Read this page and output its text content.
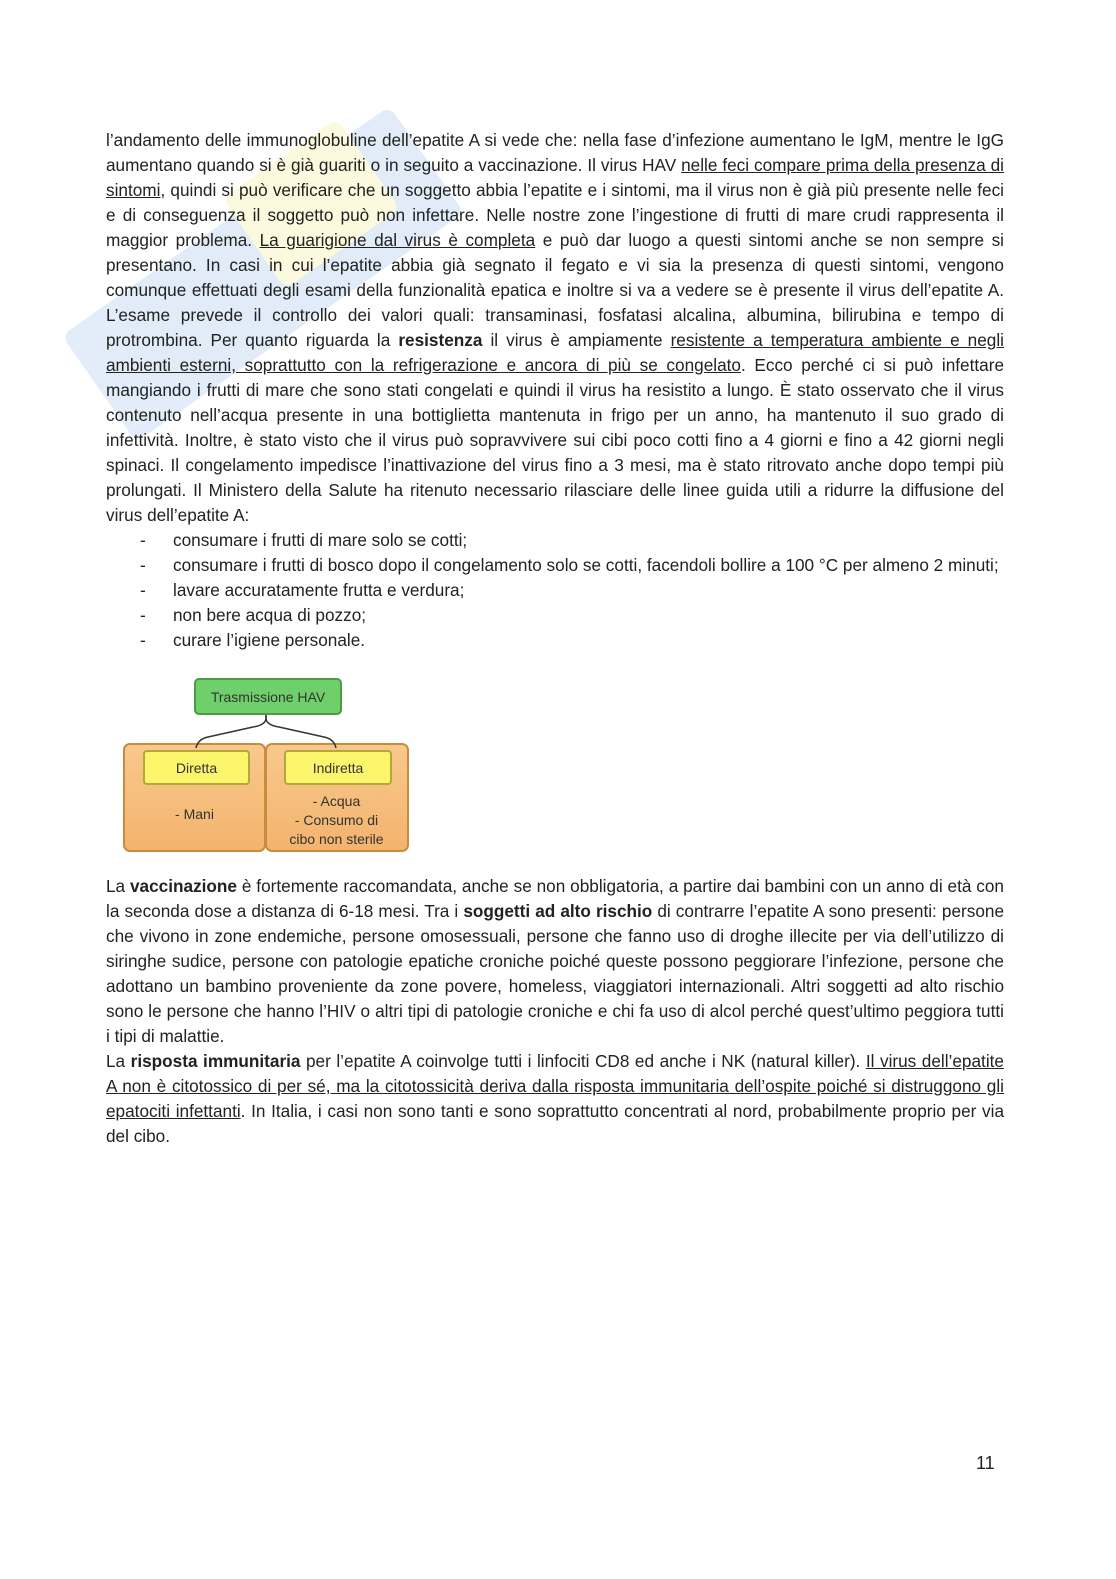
l’andamento delle immunoglobuline dell’epatite A si vede che: nella fase d’infezione aumentano le IgM, mentre le IgG aumentano quando si è già guariti o in seguito a vaccinazione. Il virus HAV nelle feci compare prima della presenza di sintomi, quindi si può verificare che un soggetto abbia l’epatite e i sintomi, ma il virus non è già più presente nelle feci e di conseguenza il soggetto può non infettare. Nelle nostre zone l’ingestione di frutti di mare crudi rappresenta il maggior problema. La guarigione dal virus è completa e può dar luogo a questi sintomi anche se non sempre si presentano. In casi in cui l’epatite abbia già segnato il fegato e vi sia la presenza di questi sintomi, vengono comunque effettuati degli esami della funzionalità epatica e inoltre si va a vedere se è presente il virus dell’epatite A. L’esame prevede il controllo dei valori quali: transaminasi, fosfatasi alcalina, albumina, bilirubina e tempo di protrombina. Per quanto riguarda la resistenza il virus è ampiamente resistente a temperatura ambiente e negli ambienti esterni, soprattutto con la refrigerazione e ancora di più se congelato. Ecco perché ci si può infettare mangiando i frutti di mare che sono stati congelati e quindi il virus ha resistito a lungo. È stato osservato che il virus contenuto nell’acqua presente in una bottiglietta mantenuta in frigo per un anno, ha mantenuto il suo grado di infettività. Inoltre, è stato visto che il virus può sopravvivere sui cibi poco cotti fino a 4 giorni e fino a 42 giorni negli spinaci. Il congelamento impedisce l’inattivazione del virus fino a 3 mesi, ma è stato ritrovato anche dopo tempi più prolungati. Il Ministero della Salute ha ritenuto necessario rilasciare delle linee guida utili a ridurre la diffusione del virus dell’epatite A:

- consumare i frutti di mare solo se cotti;
- consumare i frutti di bosco dopo il congelamento solo se cotti, facendoli bollire a 100 °C per almeno 2 minuti;
- lavare accuratamente frutta e verdura;
- non bere acqua di pozzo;
- curare l’igiene personale.
Trasmissione HAV
Diretta	Indiretta
- Mani
- Acqua
- Consumo di
cibo non sterile

La vaccinazione è fortemente raccomandata, anche se non obbligatoria, a partire dai bambini con un anno di età con la seconda dose a distanza di 6-18 mesi. Tra i soggetti ad alto rischio di contrarre l’epatite A sono presenti: persone che vivono in zone endemiche, persone omosessuali, persone che fanno uso di droghe illecite per via dell’utilizzo di siringhe sudice, persone con patologie epatiche croniche poiché queste possono peggiorare l’infezione, persone che adottano un bambino proveniente da zone povere, homeless, viaggiatori internazionali. Altri soggetti ad alto rischio sono le persone che hanno l’HIV o altri tipi di patologie croniche e chi fa uso di alcol perché quest’ultimo peggiora tutti i tipi di malattie.

La risposta immunitaria per l’epatite A coinvolge tutti i linfociti CD8 ed anche i NK (natural killer). Il virus dell’epatite A non è citotossico di per sé, ma la citotossicità deriva dalla risposta immunitaria dell’ospite poiché si distruggono gli epatociti infettanti. In Italia, i casi non sono tanti e sono soprattutto concentrati al nord, probabilmente proprio per via del cibo.

11
